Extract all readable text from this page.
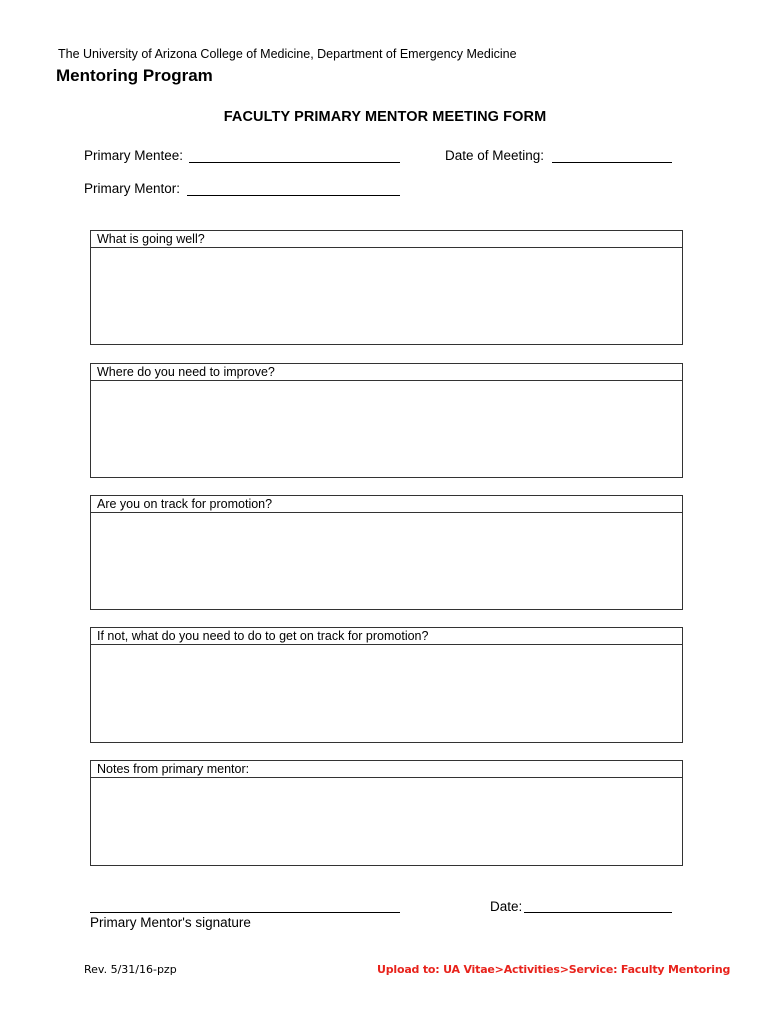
The University of Arizona College of Medicine, Department of Emergency Medicine
Mentoring Program
FACULTY PRIMARY MENTOR MEETING FORM
Primary Mentee:	Date of Meeting:
Primary Mentor:
What is going well?
Where do you need to improve?
Are you on track for promotion?
If not, what do you need to do to get on track for promotion?
Notes from primary mentor:
Primary Mentor's signature
Date:
Rev. 5/31/16-pzp	Upload to: UA Vitae>Activities>Service: Faculty Mentoring
